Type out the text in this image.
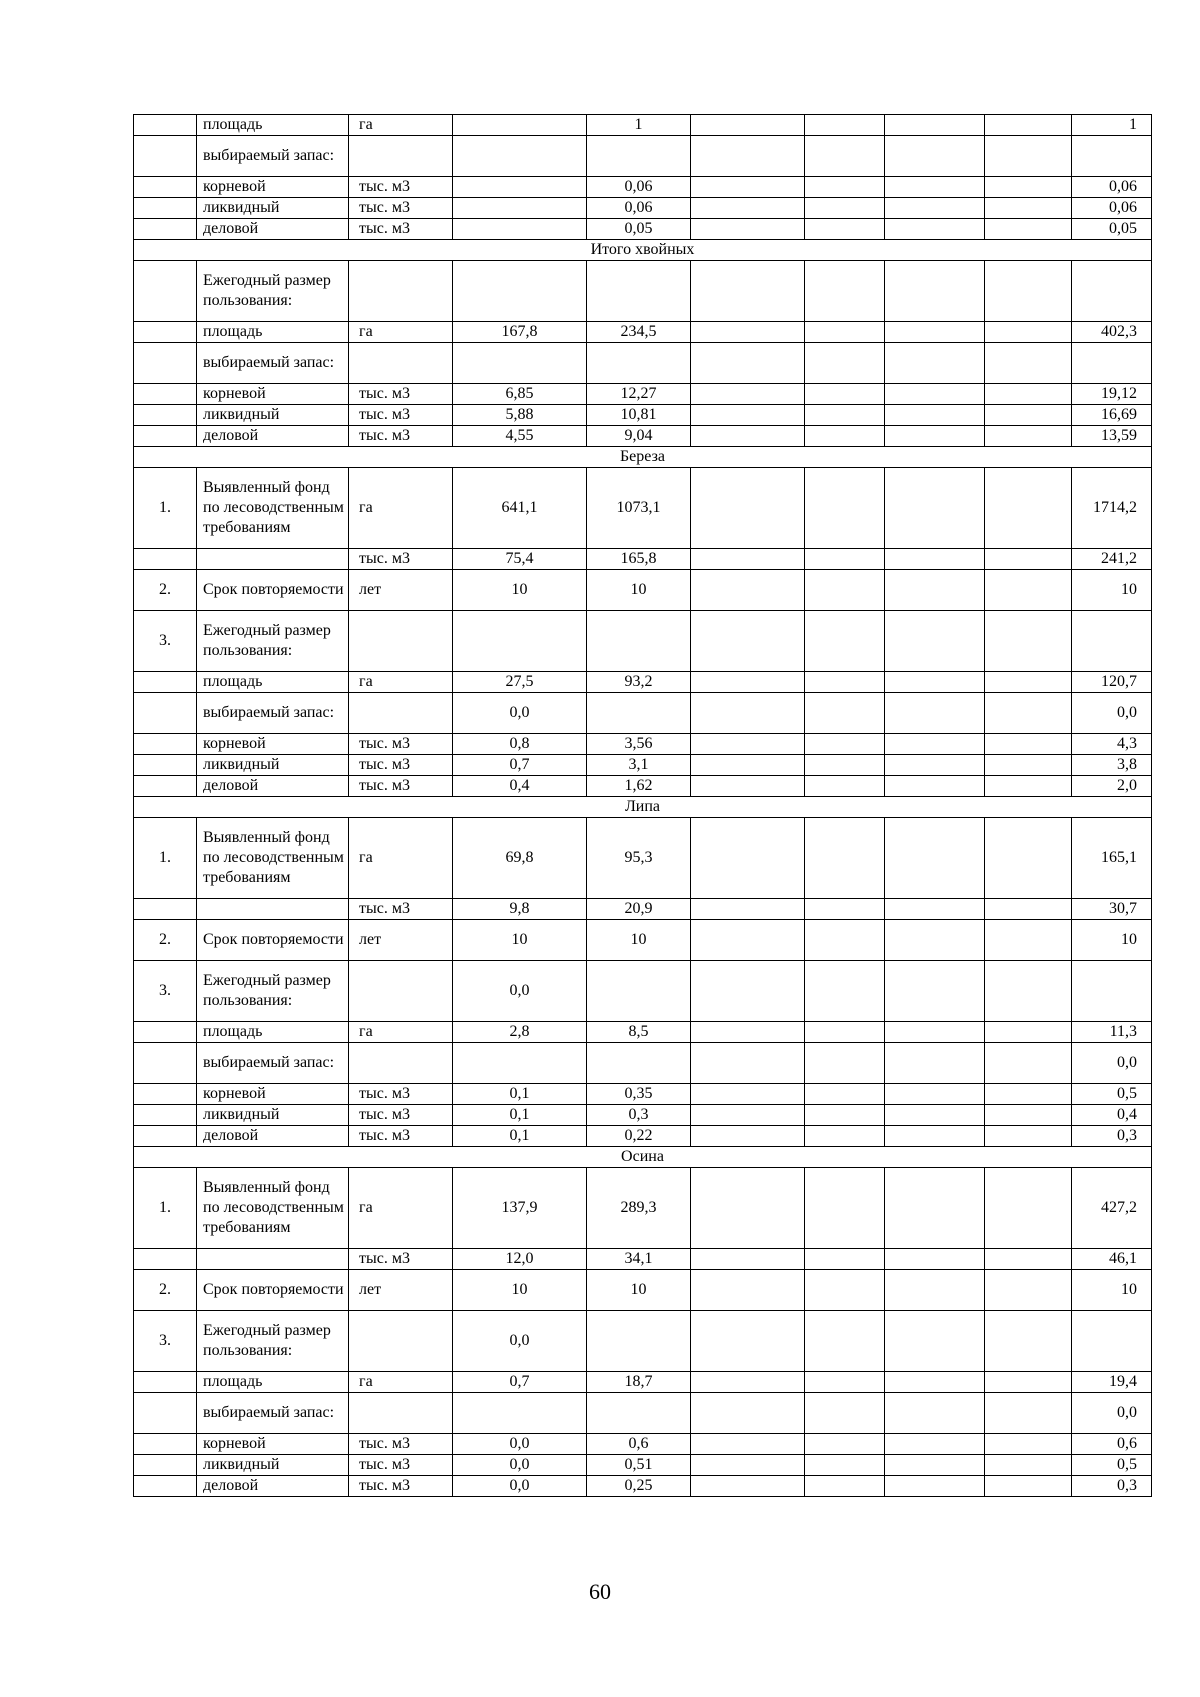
	площадь	га		1					1
	выбираемый запас:								
	корневой	тыс. м3		0,06					0,06
	ликвидный	тыс. м3		0,06					0,06
	деловой	тыс. м3		0,05					0,05
Итого хвойных									
	Ежегодный размер пользования:								
	площадь	га	167,8	234,5					402,3
	выбираемый запас:								
	корневой	тыс. м3	6,85	12,27					19,12
	ликвидный	тыс. м3	5,88	10,81					16,69
	деловой	тыс. м3	4,55	9,04					13,59
Береза									
1.	Выявленный фонд по лесоводственным требованиям	га	641,1	1073,1					1714,2
		тыс. м3	75,4	165,8					241,2
2.	Срок повторяемости	лет	10	10					10
3.	Ежегодный размер пользования:								
	площадь	га	27,5	93,2					120,7
	выбираемый запас:		0,0						0,0
	корневой	тыс. м3	0,8	3,56					4,3
	ликвидный	тыс. м3	0,7	3,1					3,8
	деловой	тыс. м3	0,4	1,62					2,0
Липа									
1.	Выявленный фонд по лесоводственным требованиям	га	69,8	95,3					165,1
		тыс. м3	9,8	20,9					30,7
2.	Срок повторяемости	лет	10	10					10
3.	Ежегодный размер пользования:		0,0						
	площадь	га	2,8	8,5					11,3
	выбираемый запас:								0,0
	корневой	тыс. м3	0,1	0,35					0,5
	ликвидный	тыс. м3	0,1	0,3					0,4
	деловой	тыс. м3	0,1	0,22					0,3
Осина									
1.	Выявленный фонд по лесоводственным требованиям	га	137,9	289,3					427,2
		тыс. м3	12,0	34,1					46,1
2.	Срок повторяемости	лет	10	10					10
3.	Ежегодный размер пользования:		0,0						
	площадь	га	0,7	18,7					19,4
	выбираемый запас:								0,0
	корневой	тыс. м3	0,0	0,6					0,6
	ликвидный	тыс. м3	0,0	0,51					0,5
	деловой	тыс. м3	0,0	0,25					0,3
60
